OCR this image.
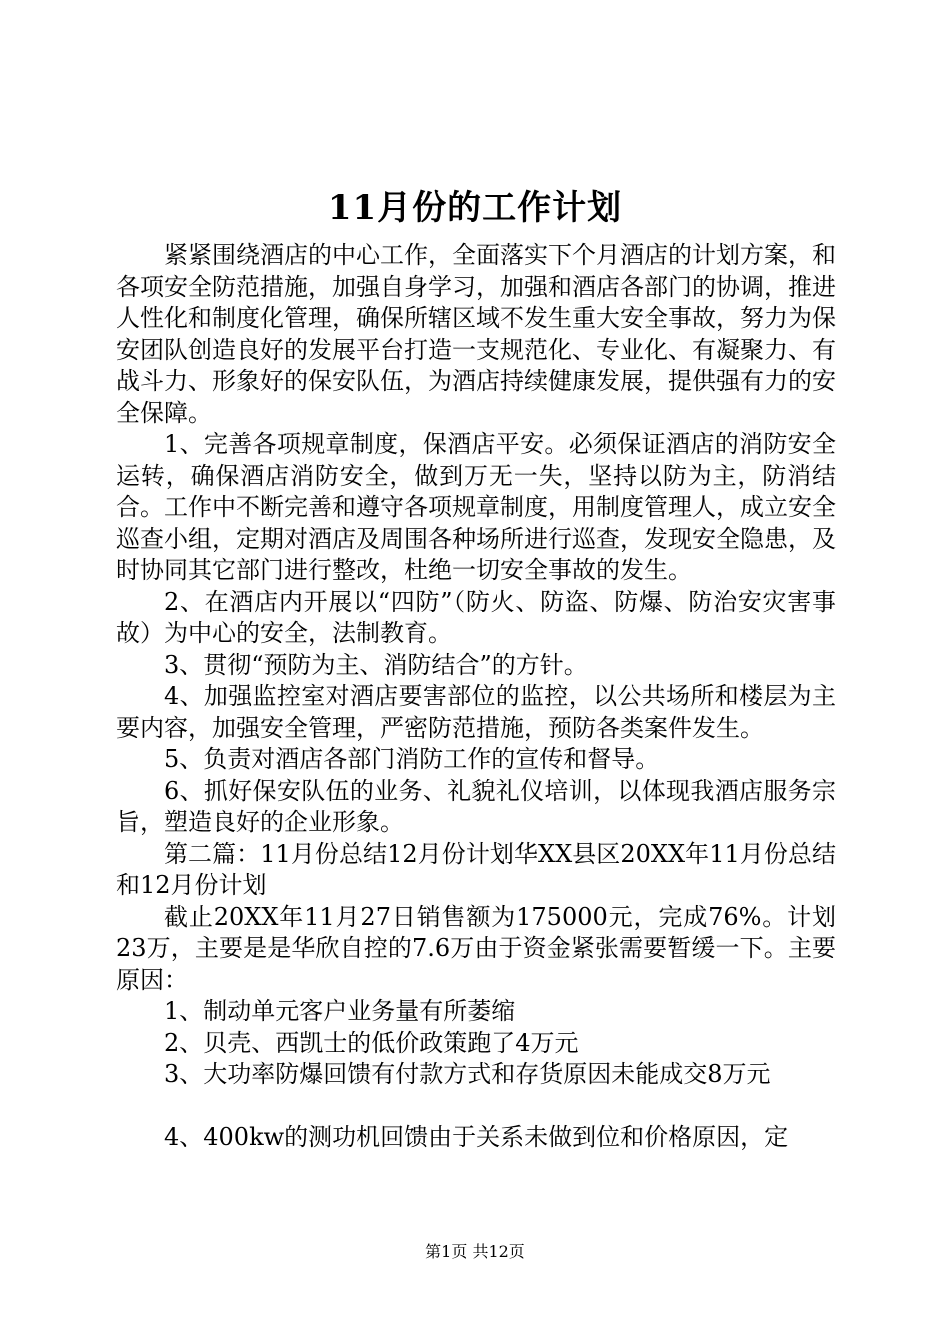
11月份的工作计划

紧紧围绕酒店的中心工作，全面落实下个月酒店的计划方案，和各项安全防范措施，加强自身学习，加强和酒店各部门的协调，推进人性化和制度化管理，确保所辖区域不发生重大安全事故，努力为保安团队创造良好的发展平台打造一支规范化、专业化、有凝聚力、有战斗力、形象好的保安队伍，为酒店持续健康发展，提供强有力的安全保障。

1、完善各项规章制度，保酒店平安。必须保证酒店的消防安全运转，确保酒店消防安全，做到万无一失，坚持以防为主，防消结合。工作中不断完善和遵守各项规章制度，用制度管理人，成立安全巡查小组，定期对酒店及周围各种场所进行巡查，发现安全隐患，及时协同其它部门进行整改，杜绝一切安全事故的发生。

2、在酒店内开展以“四防”（防火、防盗、防爆、防治安灾害事故）为中心的安全，法制教育。

3、贯彻“预防为主、消防结合”的方针。

4、加强监控室对酒店要害部位的监控，以公共场所和楼层为主要内容，加强安全管理，严密防范措施，预防各类案件发生。

5、负责对酒店各部门消防工作的宣传和督导。

6、抓好保安队伍的业务、礼貌礼仪培训，以体现我酒店服务宗旨，塑造良好的企业形象。

第二篇：11月份总结12月份计划华XX县区20XX年11月份总结和12月份计划

截止20XX年11月27日销售额为175000元，完成76%。计划23万，主要是是华欣自控的7.6万由于资金紧张需要暂缓一下。主要原因：

1、制动单元客户业务量有所萎缩

2、贝壳、西凯士的低价政策跑了4万元

3、大功率防爆回馈有付款方式和存货原因未能成交8万元

4、400kw的测功机回馈由于关系未做到位和价格原因，定

第1页 共12页
